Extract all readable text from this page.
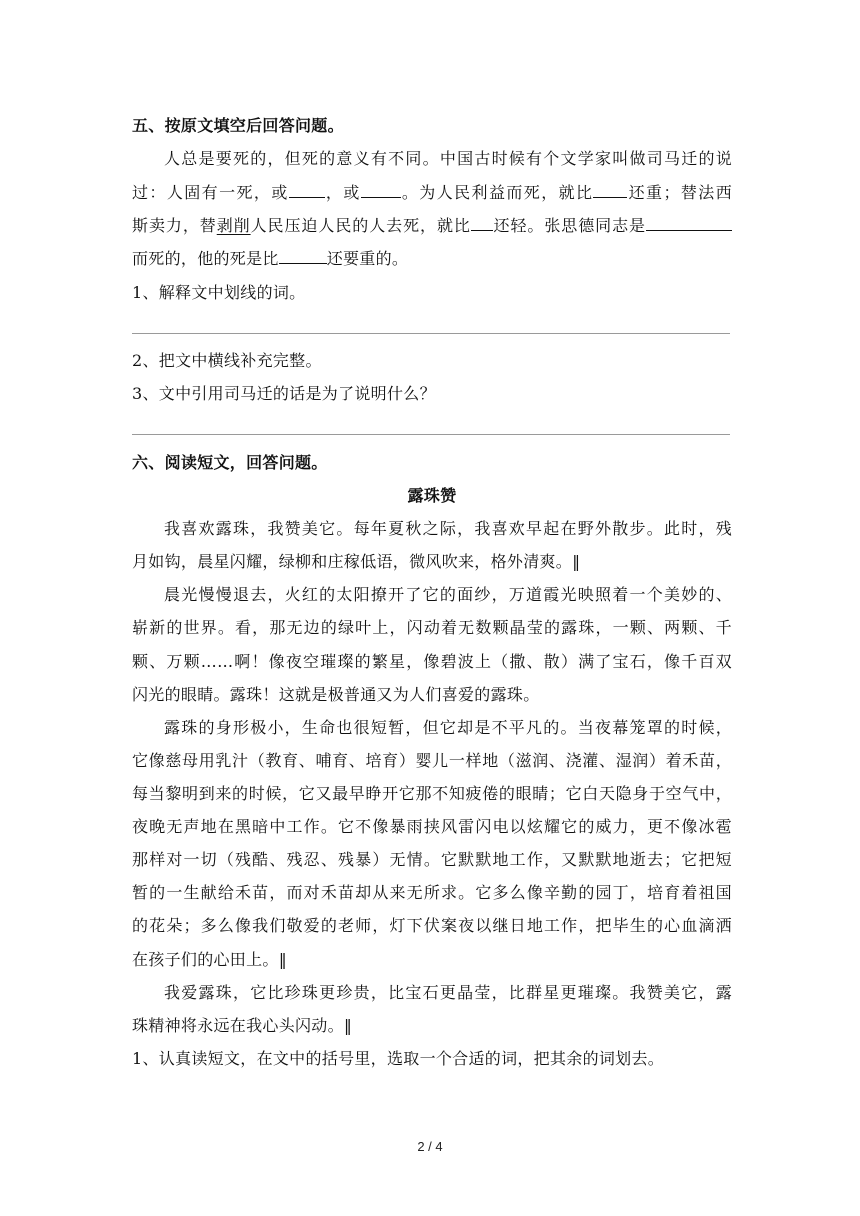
五、按原文填空后回答问题。
人总是要死的，但死的意义有不同。中国古时候有个文学家叫做司马迁的说
过：人固有一死，或 ，或	。为人民利益而死，就比 还重；替法西
斯卖力，替剥削人民压迫人民的人去死，就比 还轻。张思德同志是
而死的，他的死是比	还要重的。
1、解释文中划线的词。
2、把文中横线补充完整。
3、文中引用司马迁的话是为了说明什么？
六、阅读短文，回答问题。
露珠赞
我喜欢露珠，我赞美它。每年夏秋之际，我喜欢早起在野外散步。此时，残
月如钩，晨星闪耀，绿柳和庄稼低语，微风吹来，格外清爽。‖
晨光慢慢退去，火红的太阳撩开了它的面纱，万道霞光映照着一个美妙的、
崭新的世界。看，那无边的绿叶上，闪动着无数颗晶莹的露珠，一颗、两颗、千
颗、万颗……啊！像夜空璀璨的繁星，像碧波上（撒、散）满了宝石，像千百双
闪光的眼睛。露珠！这就是极普通又为人们喜爱的露珠。
露珠的身形极小，生命也很短暂，但它却是不平凡的。当夜幕笼罩的时候，
它像慈母用乳汁（教育、哺育、培育）婴儿一样地（滋润、浇灌、湿润）着禾苗，
每当黎明到来的时候，它又最早睁开它那不知疲倦的眼睛；它白天隐身于空气中，
夜晚无声地在黑暗中工作。它不像暴雨挟风雷闪电以炫耀它的威力，更不像冰雹
那样对一切（残酷、残忍、残暴）无情。它默默地工作，又默默地逝去；它把短
暂的一生献给禾苗，而对禾苗却从来无所求。它多么像辛勤的园丁，培育着祖国
的花朵；多么像我们敬爱的老师，灯下伏案夜以继日地工作，把毕生的心血滴洒
在孩子们的心田上。‖
我爱露珠，它比珍珠更珍贵，比宝石更晶莹，比群星更璀璨。我赞美它，露
珠精神将永远在我心头闪动。‖
1、认真读短文，在文中的括号里，选取一个合适的词，把其余的词划去。
2 / 4
